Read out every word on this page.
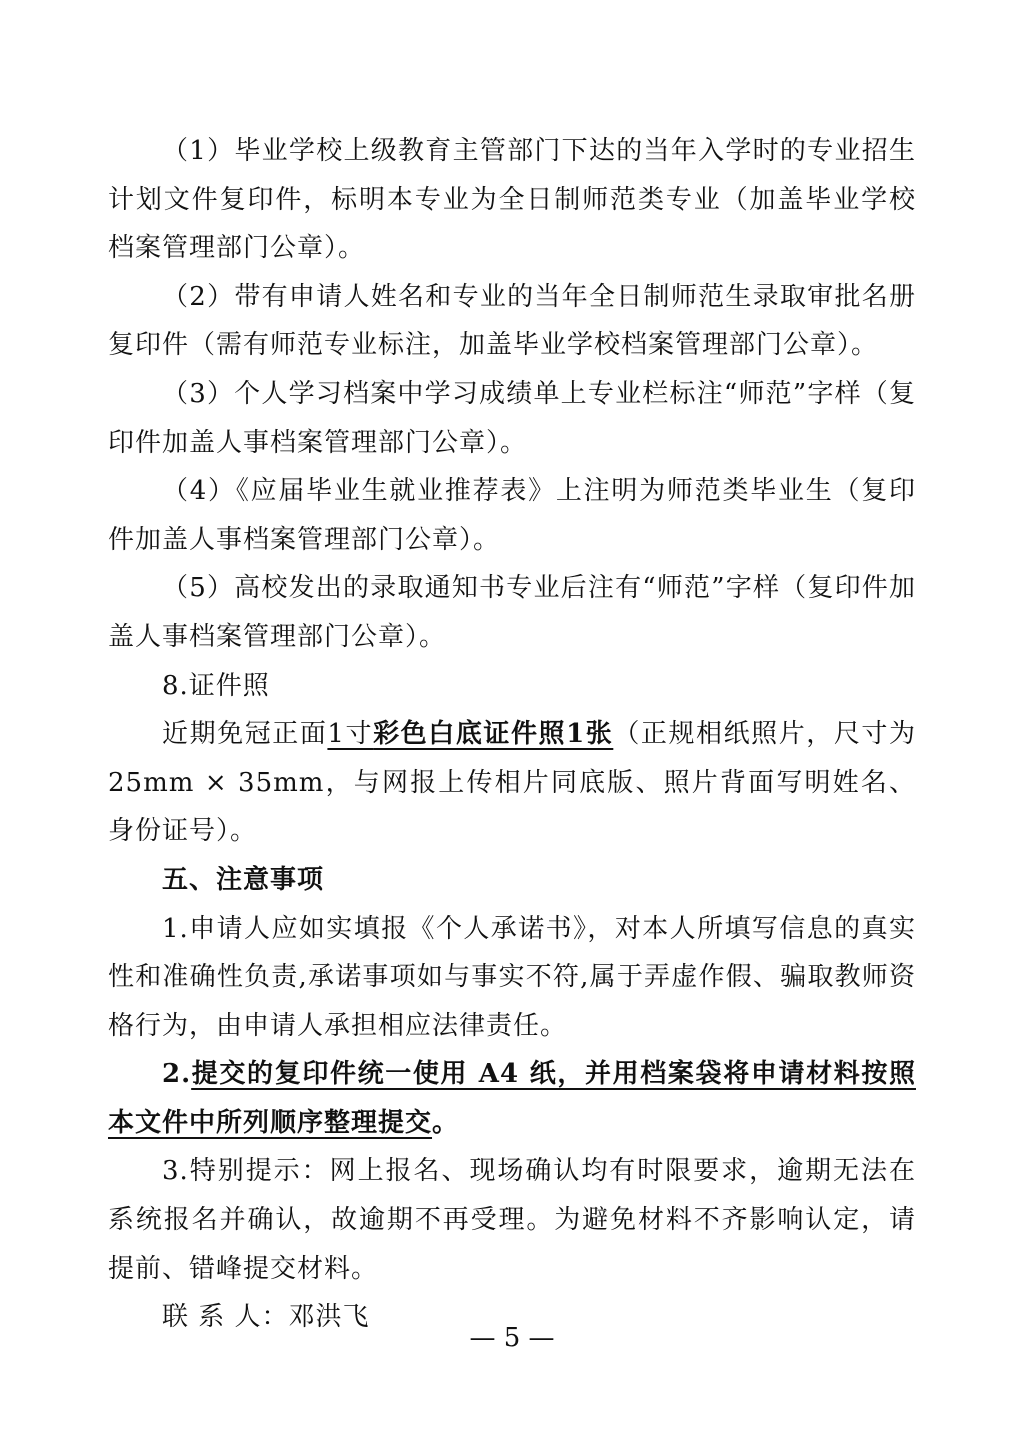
（1）毕业学校上级教育主管部门下达的当年入学时的专业招生计划文件复印件，标明本专业为全日制师范类专业（加盖毕业学校档案管理部门公章）。

（2）带有申请人姓名和专业的当年全日制师范生录取审批名册复印件（需有师范专业标注，加盖毕业学校档案管理部门公章）。

（3）个人学习档案中学习成绩单上专业栏标注“师范”字样（复印件加盖人事档案管理部门公章）。

（4）《应届毕业生就业推荐表》上注明为师范类毕业生（复印件加盖人事档案管理部门公章）。

（5）高校发出的录取通知书专业后注有“师范”字样（复印件加盖人事档案管理部门公章）。

8.证件照

近期免冠正面1寸彩色白底证件照1张（正规相纸照片，尺寸为25mm × 35mm，与网报上传相片同底版、照片背面写明姓名、身份证号）。

五、注意事项

1.申请人应如实填报《个人承诺书》，对本人所填写信息的真实性和准确性负责,承诺事项如与事实不符,属于弄虚作假、骗取教师资格行为，由申请人承担相应法律责任。

2.提交的复印件统一使用 A4 纸，并用档案袋将申请材料按照本文件中所列顺序整理提交。

3.特别提示：网上报名、现场确认均有时限要求，逾期无法在系统报名并确认，故逾期不再受理。为避免材料不齐影响认定，请提前、错峰提交材料。

联 系 人：邓洪飞

— 5 —
